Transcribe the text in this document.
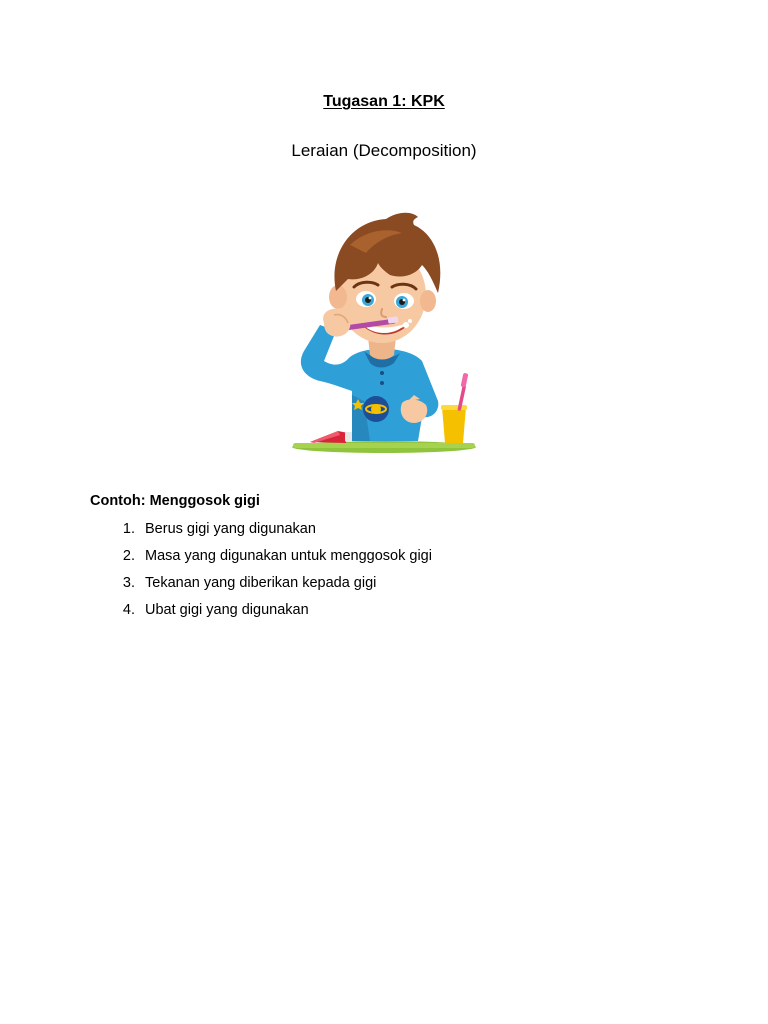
Tugasan 1: KPK
Leraian (Decomposition)
Contoh: Menggosok gigi
1. Berus gigi yang digunakan
2. Masa yang digunakan untuk menggosok gigi
3. Tekanan yang diberikan kepada gigi
4. Ubat gigi yang digunakan
